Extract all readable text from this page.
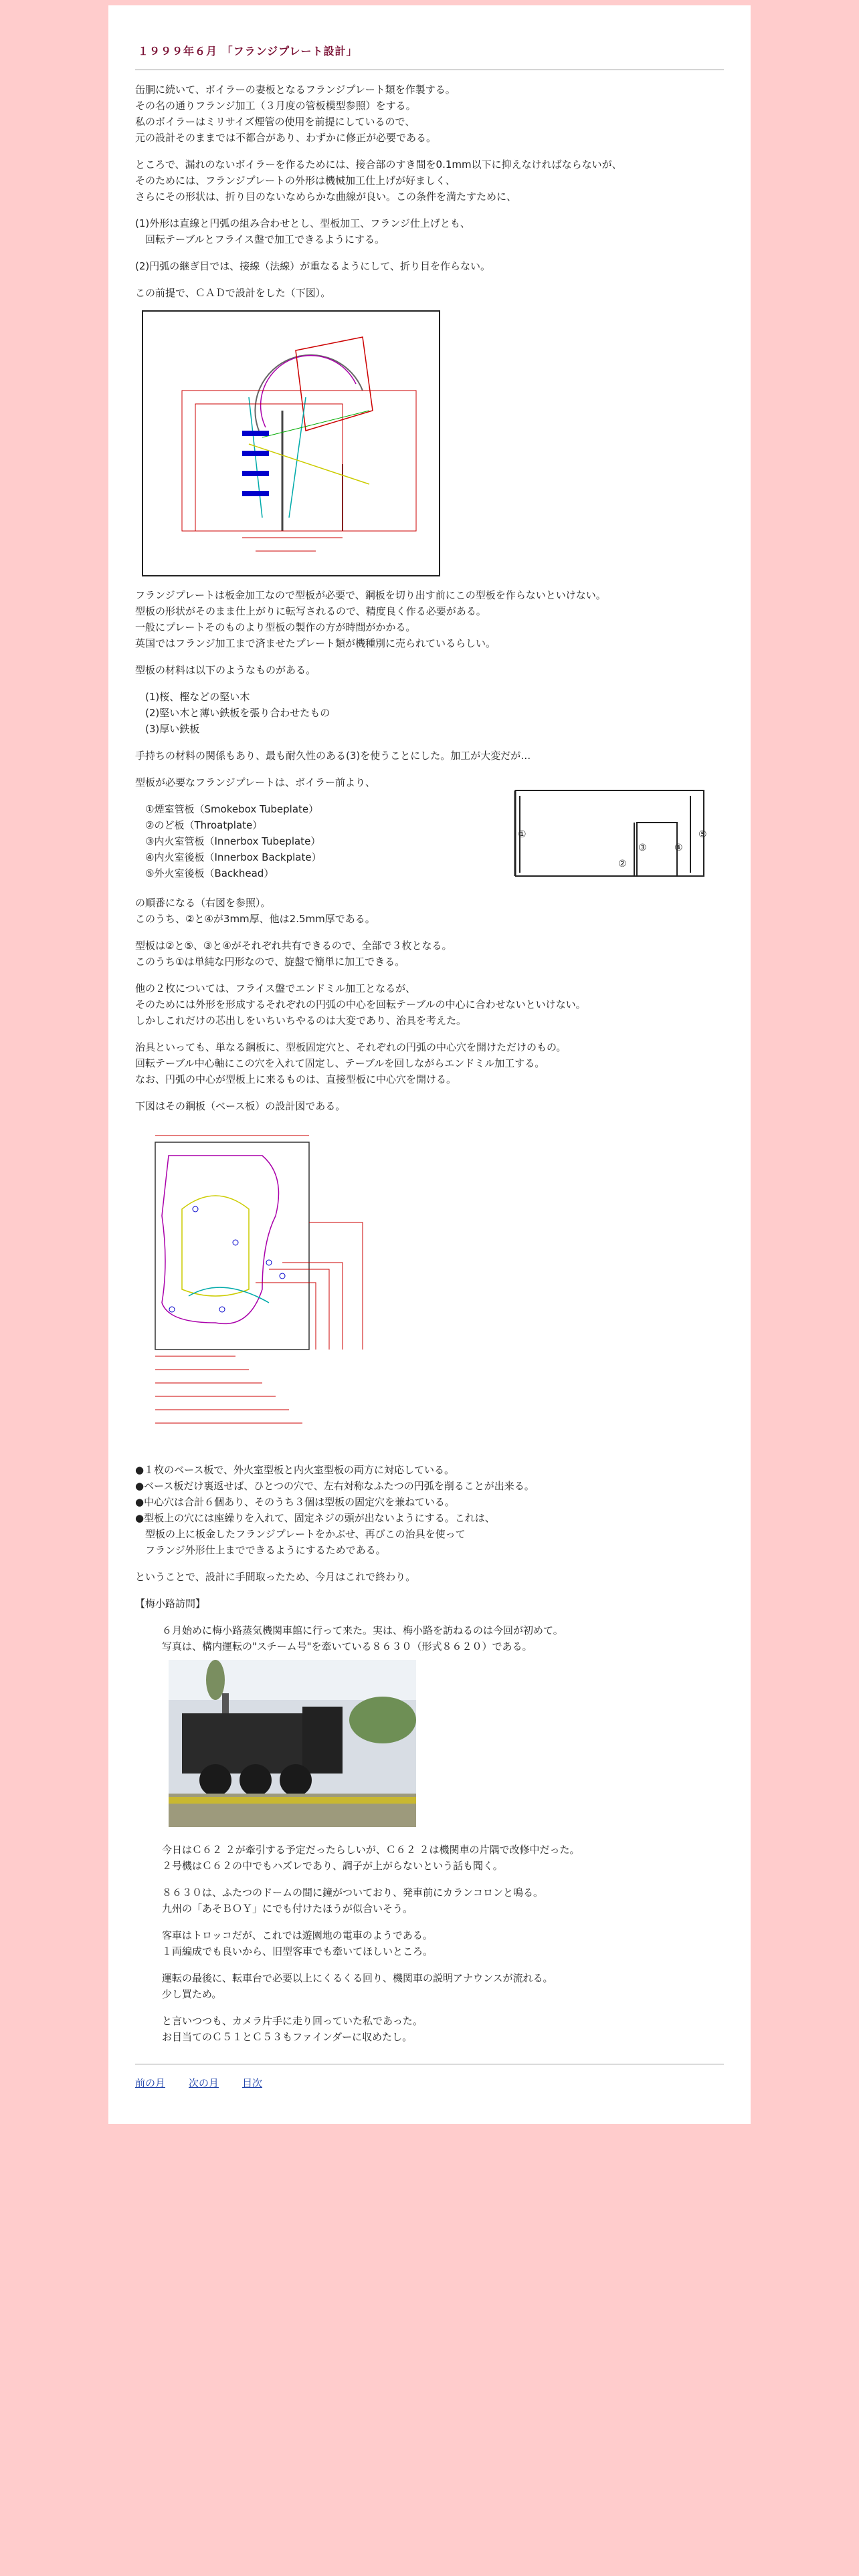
１９９９年６月 「フランジプレート設計」
缶胴に続いて、ボイラーの妻板となるフランジプレート類を作製する。
その名の通りフランジ加工（３月度の管板模型参照）をする。
私のボイラーはミリサイズ煙管の使用を前提にしているので、
元の設計そのままでは不都合があり、わずかに修正が必要である。
ところで、漏れのないボイラーを作るためには、接合部のすき間を0.1mm以下に抑えなければならないが、
そのためには、フランジプレートの外形は機械加工仕上げが好ましく、
さらにその形状は、折り目のないなめらかな曲線が良い。この条件を満たすために、
(1)外形は直線と円弧の組み合わせとし、型板加工、フランジ仕上げとも、
　回転テーブルとフライス盤で加工できるようにする。
(2)円弧の継ぎ目では、接線（法線）が重なるようにして、折り目を作らない。
この前提で、ＣＡＤで設計をした（下図）。
フランジプレートは板金加工なので型板が必要で、鋼板を切り出す前にこの型板を作らないといけない。
型板の形状がそのまま仕上がりに転写されるので、精度良く作る必要がある。
一般にプレートそのものより型板の製作の方が時間がかかる。
英国ではフランジ加工まで済ませたプレート類が機種別に売られているらしい。
型板の材料は以下のようなものがある。
　(1)桜、樫などの堅い木
　(2)堅い木と薄い鉄板を張り合わせたもの
　(3)厚い鉄板
手持ちの材料の関係もあり、最も耐久性のある(3)を使うことにした。加工が大変だが…
型板が必要なフランジプレートは、ボイラー前より、
　①煙室管板（Smokebox Tubeplate）
　②のど板（Throatplate）
　③内火室管板（Innerbox Tubeplate）
　④内火室後板（Innerbox Backplate）
　⑤外火室後板（Backhead）
①
②
③	④
⑤
の順番になる（右図を参照）。
このうち、②と④が3mm厚、他は2.5mm厚である。
型板は②と⑤、③と④がそれぞれ共有できるので、全部で３枚となる。
このうち①は単純な円形なので、旋盤で簡単に加工できる。
他の２枚については、フライス盤でエンドミル加工となるが、
そのためには外形を形成するそれぞれの円弧の中心を回転テーブルの中心に合わせないといけない。
しかしこれだけの芯出しをいちいちやるのは大変であり、治具を考えた。
治具といっても、単なる鋼板に、型板固定穴と、それぞれの円弧の中心穴を開けただけのもの。
回転テーブル中心軸にこの穴を入れて固定し、テーブルを回しながらエンドミル加工する。
なお、円弧の中心が型板上に来るものは、直接型板に中心穴を開ける。
下図はその鋼板（ベース板）の設計図である。
●１枚のベース板で、外火室型板と内火室型板の両方に対応している。
●ベース板だけ裏返せば、ひとつの穴で、左右対称なふたつの円弧を削ることが出来る。
●中心穴は合計６個あり、そのうち３個は型板の固定穴を兼ねている。
●型板上の穴には座繰りを入れて、固定ネジの頭が出ないようにする。これは、
　型板の上に板金したフランジプレートをかぶせ、再びこの治具を使って
　フランジ外形仕上までできるようにするためである。
ということで、設計に手間取ったため、今月はこれで終わり。
【梅小路訪問】
６月始めに梅小路蒸気機関車館に行って来た。実は、梅小路を訪ねるのは今回が初めて。
写真は、構内運転の"スチーム号"を牽いている８６３０（形式８６２０）である。
今日はＣ６２ ２が牽引する予定だったらしいが、Ｃ６２ ２は機関車の片隅で改修中だった。
２号機はＣ６２の中でもハズレであり、調子が上がらないという話も聞く。
８６３０は、ふたつのドームの間に鐘がついており、発車前にカランコロンと鳴る。
九州の「あそＢＯＹ」にでも付けたほうが似合いそう。
客車はトロッコだが、これでは遊園地の電車のようである。
１両編成でも良いから、旧型客車でも牽いてほしいところ。
運転の最後に、転車台で必要以上にくるくる回り、機関車の説明アナウンスが流れる。
少し買ため。
と言いつつも、カメラ片手に走り回っていた私であった。
お目当てのＣ５１とＣ５３もファインダーに収めたし。
前の月 次の月 目次
